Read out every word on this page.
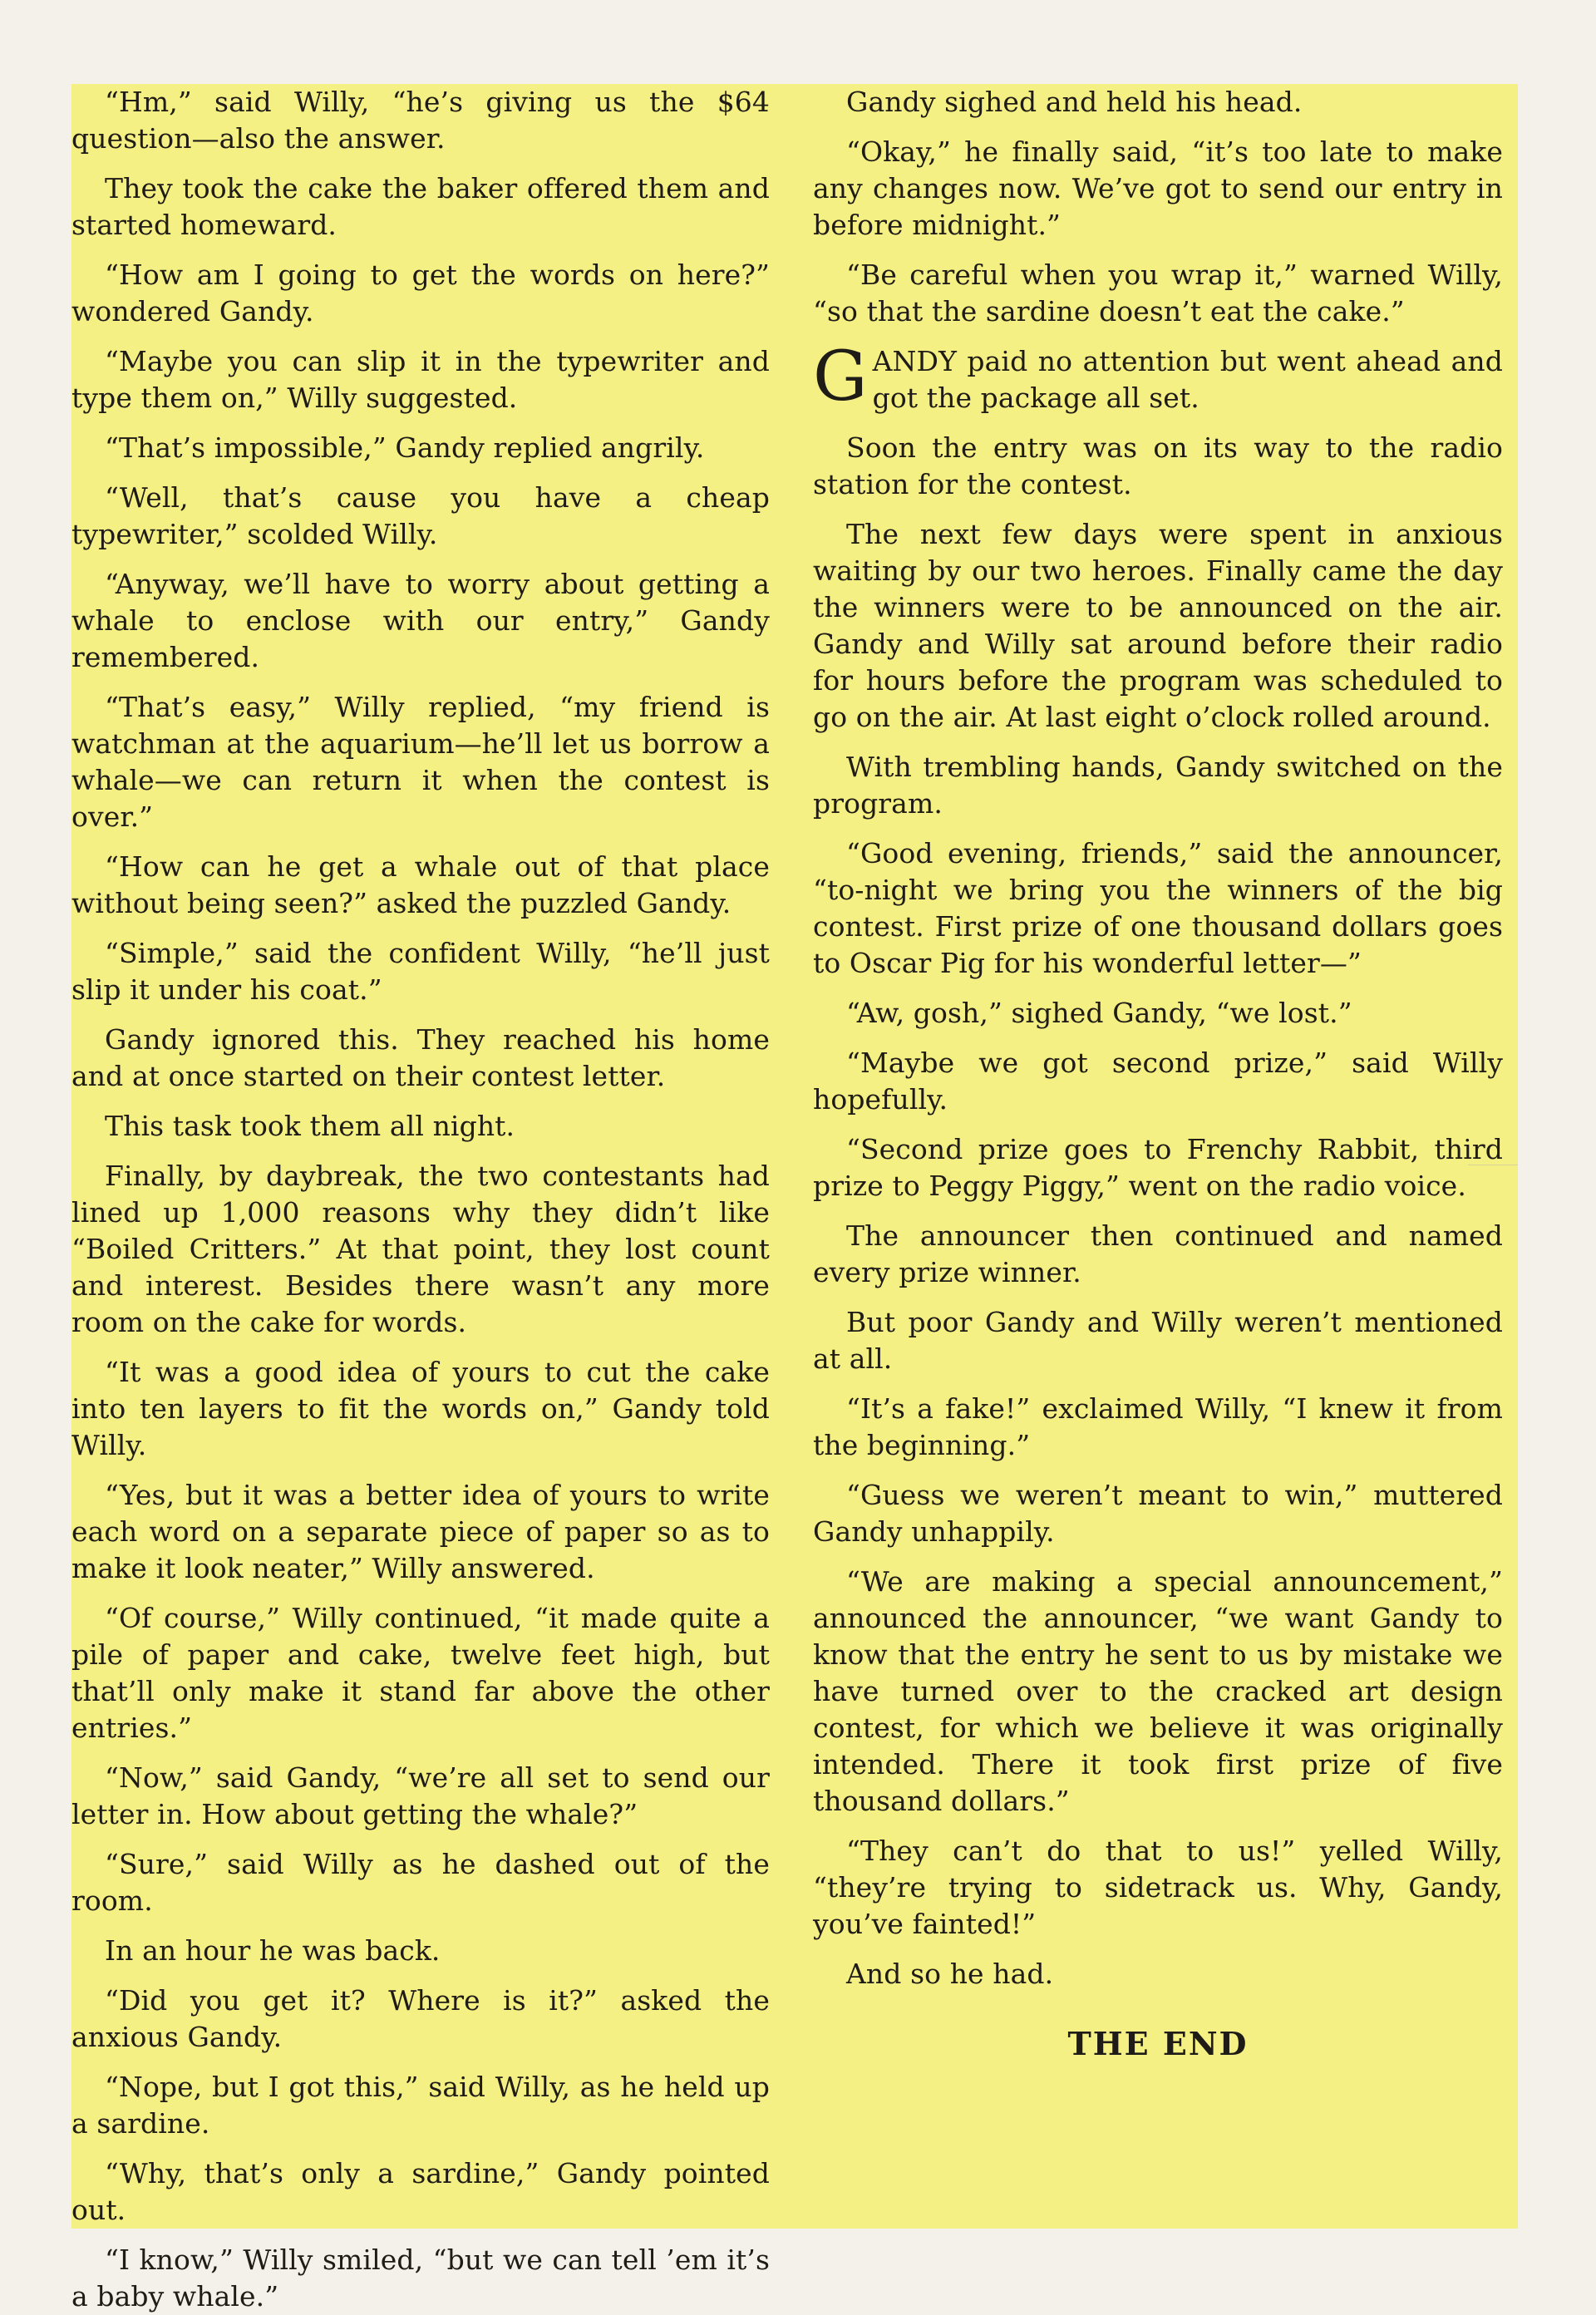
“Hm,” said Willy, “he’s giving us the $64 question—also the answer.

They took the cake the baker offered them and started homeward.

“How am I going to get the words on here?” wondered Gandy.

“Maybe you can slip it in the typewriter and type them on,” Willy suggested.

“That’s impossible,” Gandy replied angrily.

“Well, that’s cause you have a cheap typewriter,” scolded Willy.

“Anyway, we’ll have to worry about getting a whale to enclose with our entry,” Gandy remembered.

“That’s easy,” Willy replied, “my friend is watchman at the aquarium—he’ll let us borrow a whale—we can return it when the contest is over.”

“How can he get a whale out of that place without being seen?” asked the puzzled Gandy.

“Simple,” said the confident Willy, “he’ll just slip it under his coat.”

Gandy ignored this. They reached his home and at once started on their contest letter.

This task took them all night.

Finally, by daybreak, the two contestants had lined up 1,000 reasons why they didn’t like “Boiled Critters.” At that point, they lost count and interest. Besides there wasn’t any more room on the cake for words.

“It was a good idea of yours to cut the cake into ten layers to fit the words on,” Gandy told Willy.

“Yes, but it was a better idea of yours to write each word on a separate piece of paper so as to make it look neater,” Willy answered.

“Of course,” Willy continued, “it made quite a pile of paper and cake, twelve feet high, but that’ll only make it stand far above the other entries.”

“Now,” said Gandy, “we’re all set to send our letter in. How about getting the whale?”

“Sure,” said Willy as he dashed out of the room.

In an hour he was back.

“Did you get it? Where is it?” asked the anxious Gandy.

“Nope, but I got this,” said Willy, as he held up a sardine.

“Why, that’s only a sardine,” Gandy pointed out.

“I know,” Willy smiled, “but we can tell ’em it’s a baby whale.”

Gandy sighed and held his head.

“Okay,” he finally said, “it’s too late to make any changes now. We’ve got to send our entry in before midnight.”

“Be careful when you wrap it,” warned Willy, “so that the sardine doesn’t eat the cake.”

GANDY paid no attention but went ahead and got the package all set.

Soon the entry was on its way to the radio station for the contest.

The next few days were spent in anxious waiting by our two heroes. Finally came the day the winners were to be announced on the air. Gandy and Willy sat around before their radio for hours before the program was scheduled to go on the air. At last eight o’clock rolled around.

With trembling hands, Gandy switched on the program.

“Good evening, friends,” said the announcer, “to-night we bring you the winners of the big contest. First prize of one thousand dollars goes to Oscar Pig for his wonderful letter—”

“Aw, gosh,” sighed Gandy, “we lost.”

“Maybe we got second prize,” said Willy hopefully.

“Second prize goes to Frenchy Rabbit, third prize to Peggy Piggy,” went on the radio voice.

The announcer then continued and named every prize winner.

But poor Gandy and Willy weren’t mentioned at all.

“It’s a fake!” exclaimed Willy, “I knew it from the beginning.”

“Guess we weren’t meant to win,” muttered Gandy unhappily.

“We are making a special announcement,” announced the announcer, “we want Gandy to know that the entry he sent to us by mistake we have turned over to the cracked art design contest, for which we believe it was originally intended. There it took first prize of five thousand dollars.”

“They can’t do that to us!” yelled Willy, “they’re trying to sidetrack us. Why, Gandy, you’ve fainted!”

And so he had.

THE END
